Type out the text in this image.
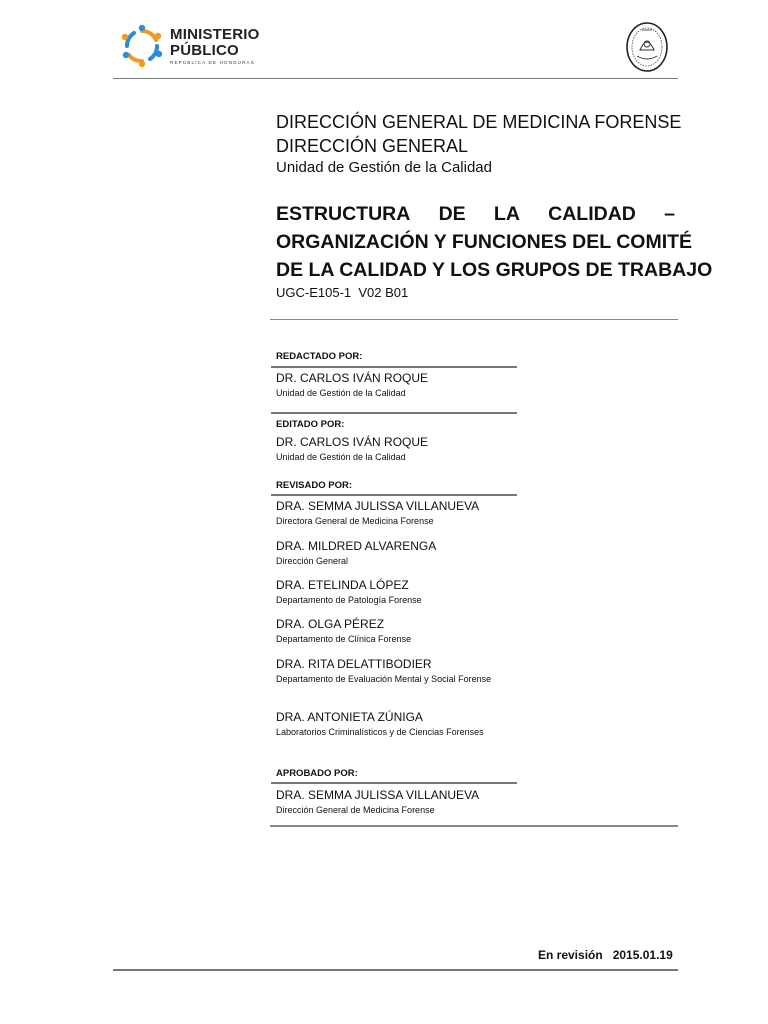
MINISTERIO
PÚBLICO
REPÚBLICA DE HONDURAS
DIRECCIÓN GENERAL DE MEDICINA FORENSE
DIRECCIÓN GENERAL
Unidad de Gestión de la Calidad
ESTRUCTURA DE LA CALIDAD –
ORGANIZACIÓN Y FUNCIONES DEL COMITÉ
DE LA CALIDAD Y LOS GRUPOS DE TRABAJO
UGC-E105-1  V02 B01
REDACTADO POR:
DR. CARLOS IVÁN ROQUE
Unidad de Gestión de la Calidad
EDITADO POR:
DR. CARLOS IVÁN ROQUE
Unidad de Gestión de la Calidad
REVISADO POR:
DRA. SEMMA JULISSA VILLANUEVA
Directora General de Medicina Forense
DRA. MILDRED ALVARENGA
Dirección General
DRA. ETELINDA LÓPEZ
Departamento de Patología Forense
DRA. OLGA PÉREZ
Departamento de Clínica Forense
DRA. RITA DELATTIBODIER
Departamento de Evaluación Mental y Social Forense
DRA. ANTONIETA ZÚNIGA
Laboratorios Criminalísticos y de Ciencias Forenses
APROBADO POR:
DRA. SEMMA JULISSA VILLANUEVA
Dirección General de Medicina Forense
En revisión 2015.01.19
